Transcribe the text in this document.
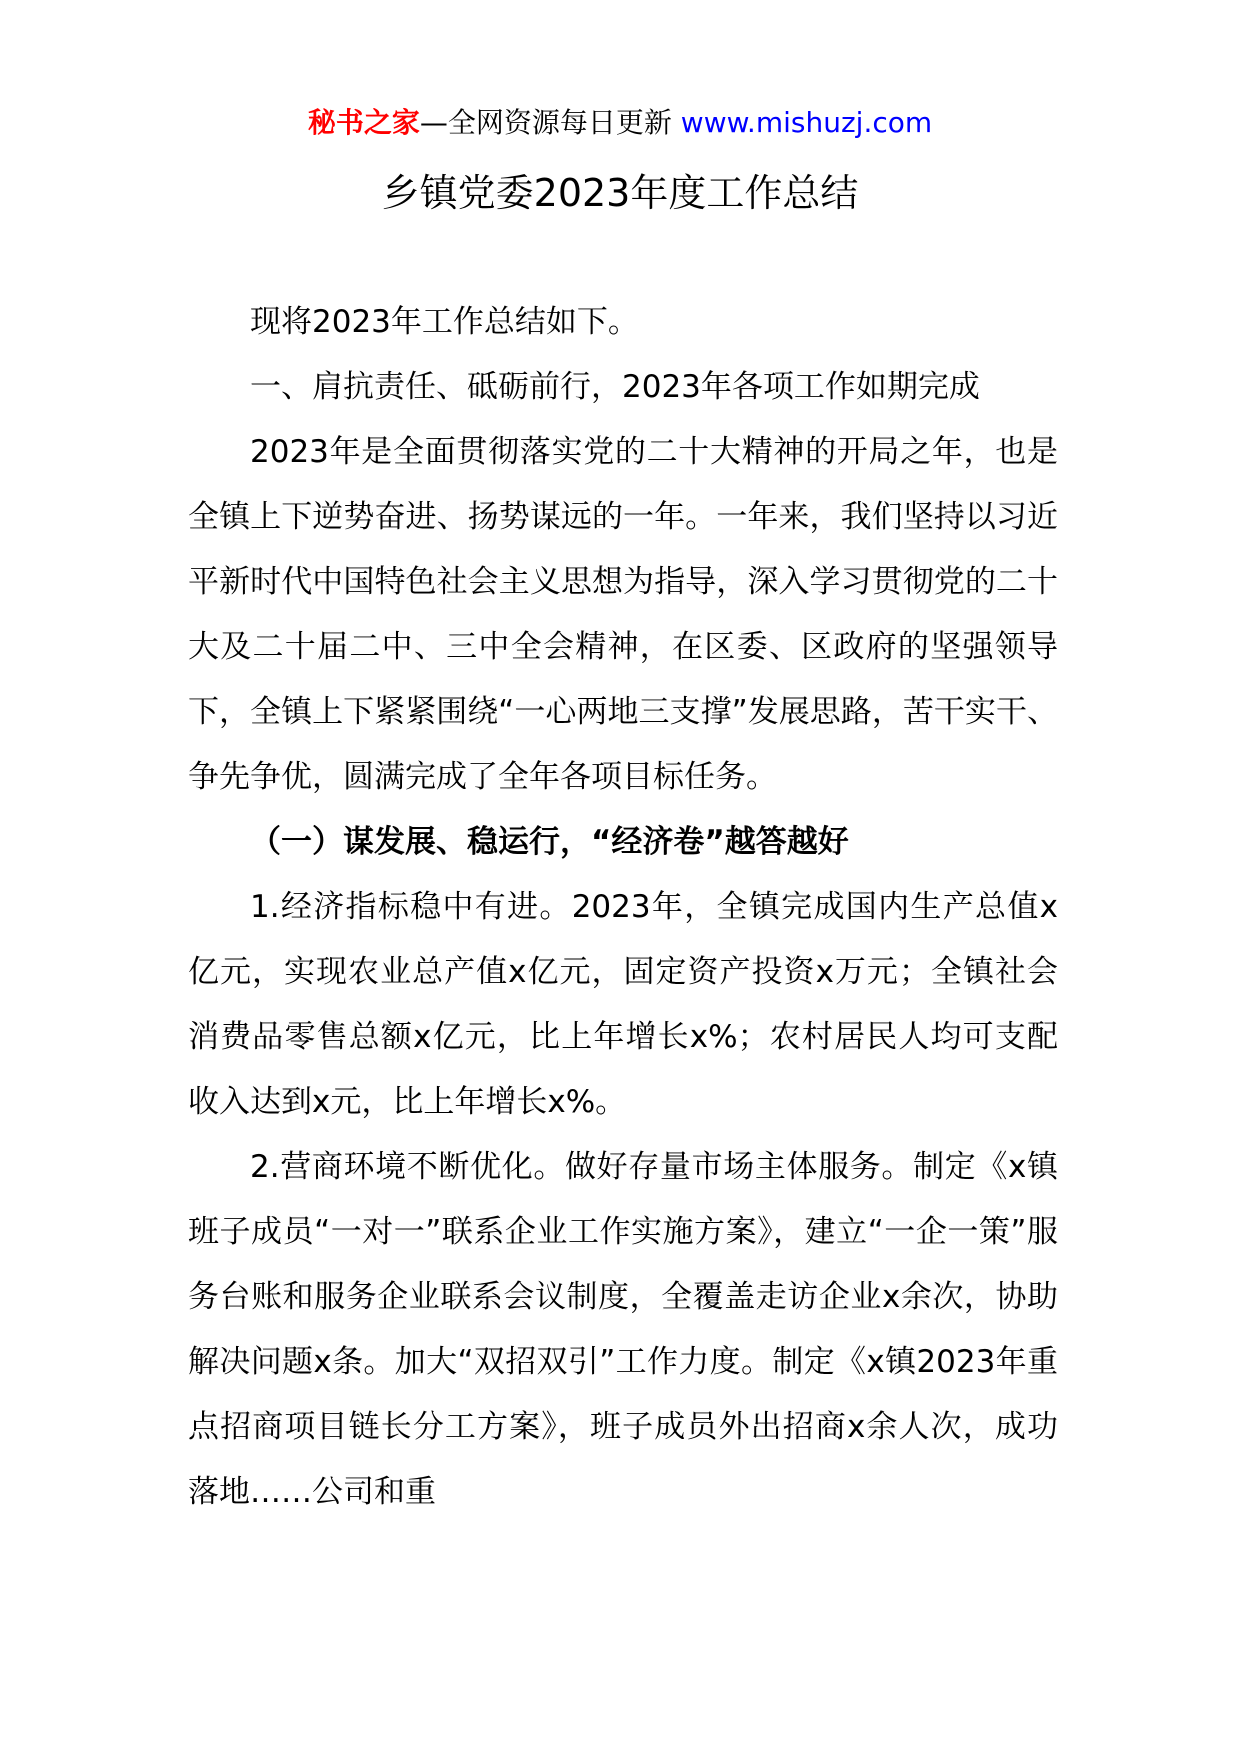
秘书之家—全网资源每日更新 www.mishuzj.com
乡镇党委2023年度工作总结

现将2023年工作总结如下。

一、肩抗责任、砥砺前行，2023年各项工作如期完成

2023年是全面贯彻落实党的二十大精神的开局之年，也是全镇上下逆势奋进、扬势谋远的一年。一年来，我们坚持以习近平新时代中国特色社会主义思想为指导，深入学习贯彻党的二十大及二十届二中、三中全会精神，在区委、区政府的坚强领导下，全镇上下紧紧围绕“一心两地三支撑”发展思路，苦干实干、争先争优，圆满完成了全年各项目标任务。

（一）谋发展、稳运行，“经济卷”越答越好

1.经济指标稳中有进。2023年，全镇完成国内生产总值x亿元，实现农业总产值x亿元，固定资产投资x万元；全镇社会消费品零售总额x亿元，比上年增长x%；农村居民人均可支配收入达到x元，比上年增长x%。

2.营商环境不断优化。做好存量市场主体服务。制定《x镇班子成员“一对一”联系企业工作实施方案》，建立“一企一策”服务台账和服务企业联系会议制度，全覆盖走访企业x余次，协助解决问题x条。加大“双招双引”工作力度。制定《x镇2023年重点招商项目链长分工方案》，班子成员外出招商x余人次，成功落地……公司和重
